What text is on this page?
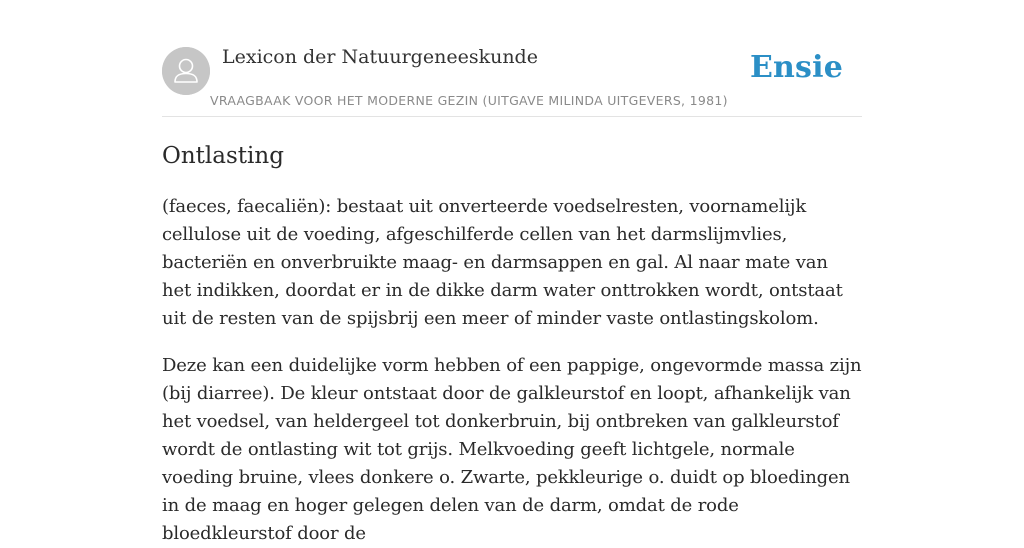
Lexicon der Natuurgeneeskunde
VRAAGBAAK VOOR HET MODERNE GEZIN (UITGAVE MILINDA UITGEVERS, 1981)
Ensie
Ontlasting

(faeces, faecaliën): bestaat uit onverteerde voedselresten, voornamelijk cellulose uit de voeding, afgeschilferde cellen van het darmslijmvlies, bacteriën en onverbruikte maag- en darmsappen en gal. Al naar mate van het indikken, doordat er in de dikke darm water onttrokken wordt, ontstaat uit de resten van de spijsbrij een meer of minder vaste ontlastingskolom.

Deze kan een duidelijke vorm hebben of een pappige, ongevormde massa zijn (bij diarree). De kleur ontstaat door de galkleurstof en loopt, afhankelijk van het voedsel, van heldergeel tot donkerbruin, bij ontbreken van galkleurstof wordt de ontlasting wit tot grijs. Melkvoeding geeft lichtgele, normale voeding bruine, vlees donkere o. Zwarte, pekkleurige o. duidt op bloedingen in de maag en hoger gelegen delen van de darm, omdat de rode bloedkleurstof door de
